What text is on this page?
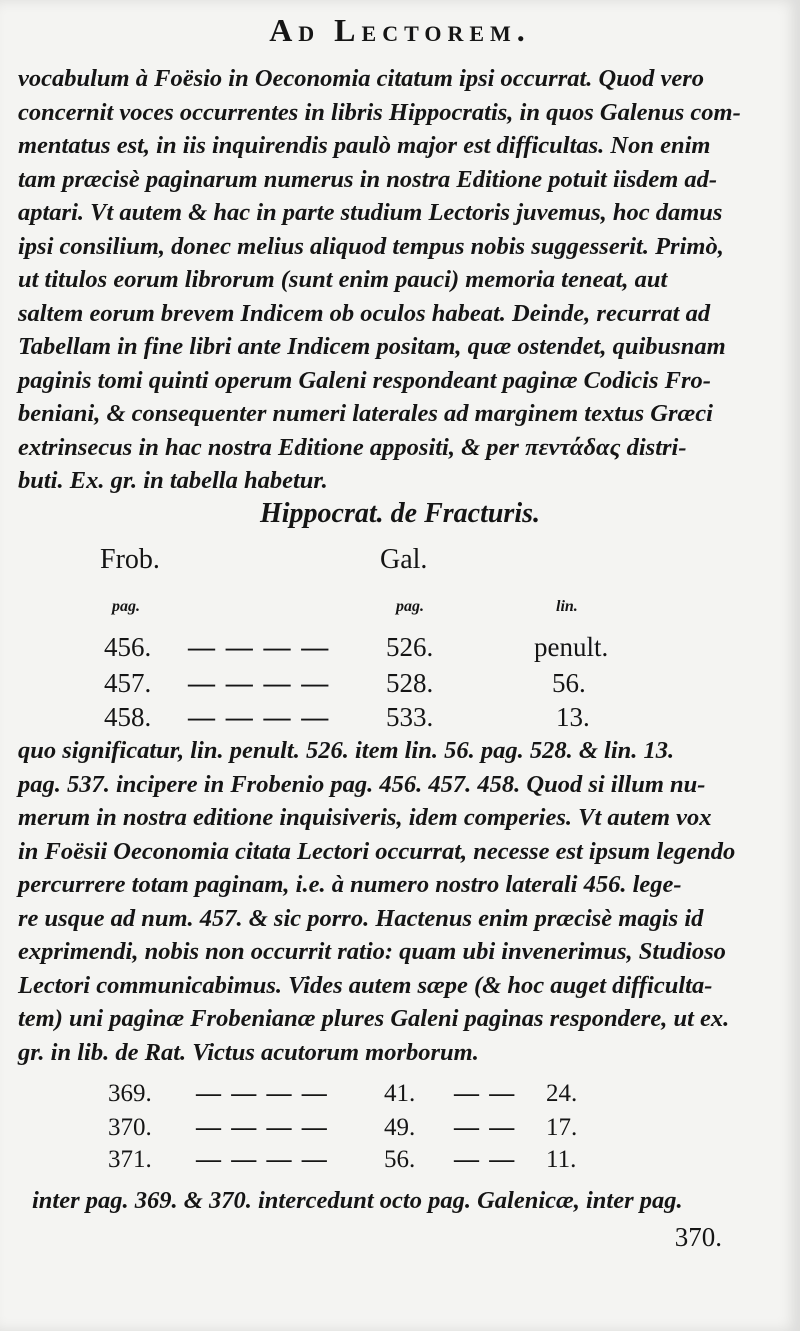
Ad Lectorem.
vocabulum à Foësio in Oeconomia citatum ipsi occurrat. Quod vero
concernit voces occurrentes in libris Hippocratis, in quos Galenus com-
mentatus est, in iis inquirendis paulò major est difficultas. Non enim
tam præcisè paginarum numerus in nostra Editione potuit iisdem ad-
aptari. Vt autem & hac in parte studium Lectoris juvemus, hoc damus
ipsi consilium, donec melius aliquod tempus nobis suggesserit. Primò,
ut titulos eorum librorum (sunt enim pauci) memoria teneat, aut
saltem eorum brevem Indicem ob oculos habeat. Deinde, recurrat ad
Tabellam in fine libri ante Indicem positam, quæ ostendet, quibusnam
paginis tomi quinti operum Galeni respondeant paginæ Codicis Fro-
beniani, & consequenter numeri laterales ad marginem textus Græci
extrinsecus in hac nostra Editione appositi, & per πεντάδας distri-
buti. Ex. gr. in tabella habetur.
Hippocrat. de Fracturis.
Frob.	Gal.
pag.	pag.	lin.
456. — — — — 526.	penult.
457. — — — — 528.	56.
458. — — — — 533.	13.
quo significatur, lin. penult. 526. item lin. 56. pag. 528. & lin. 13.
pag. 537. incipere in Frobenio pag. 456. 457. 458. Quod si illum nu-
merum in nostra editione inquisiveris, idem comperies. Vt autem vox
in Foësii Oeconomia citata Lectori occurrat, necesse est ipsum legendo
percurrere totam paginam, i.e. à numero nostro laterali 456. lege-
re usque ad num. 457. & sic porro. Hactenus enim præcisè magis id
exprimendi, nobis non occurrit ratio: quam ubi invenerimus, Studioso
Lectori communicabimus. Vides autem sæpe (& hoc auget difficulta-
tem) uni paginæ Frobenianæ plures Galeni paginas respondere, ut ex.
gr. in lib. de Rat. Victus acutorum morborum.
369. — — — — 41. — — 24.
370. — — — — 49. — — 17.
371. — — — — 56. — — 11.
inter pag. 369. & 370. intercedunt octo pag. Galenicæ, inter pag.
370.
